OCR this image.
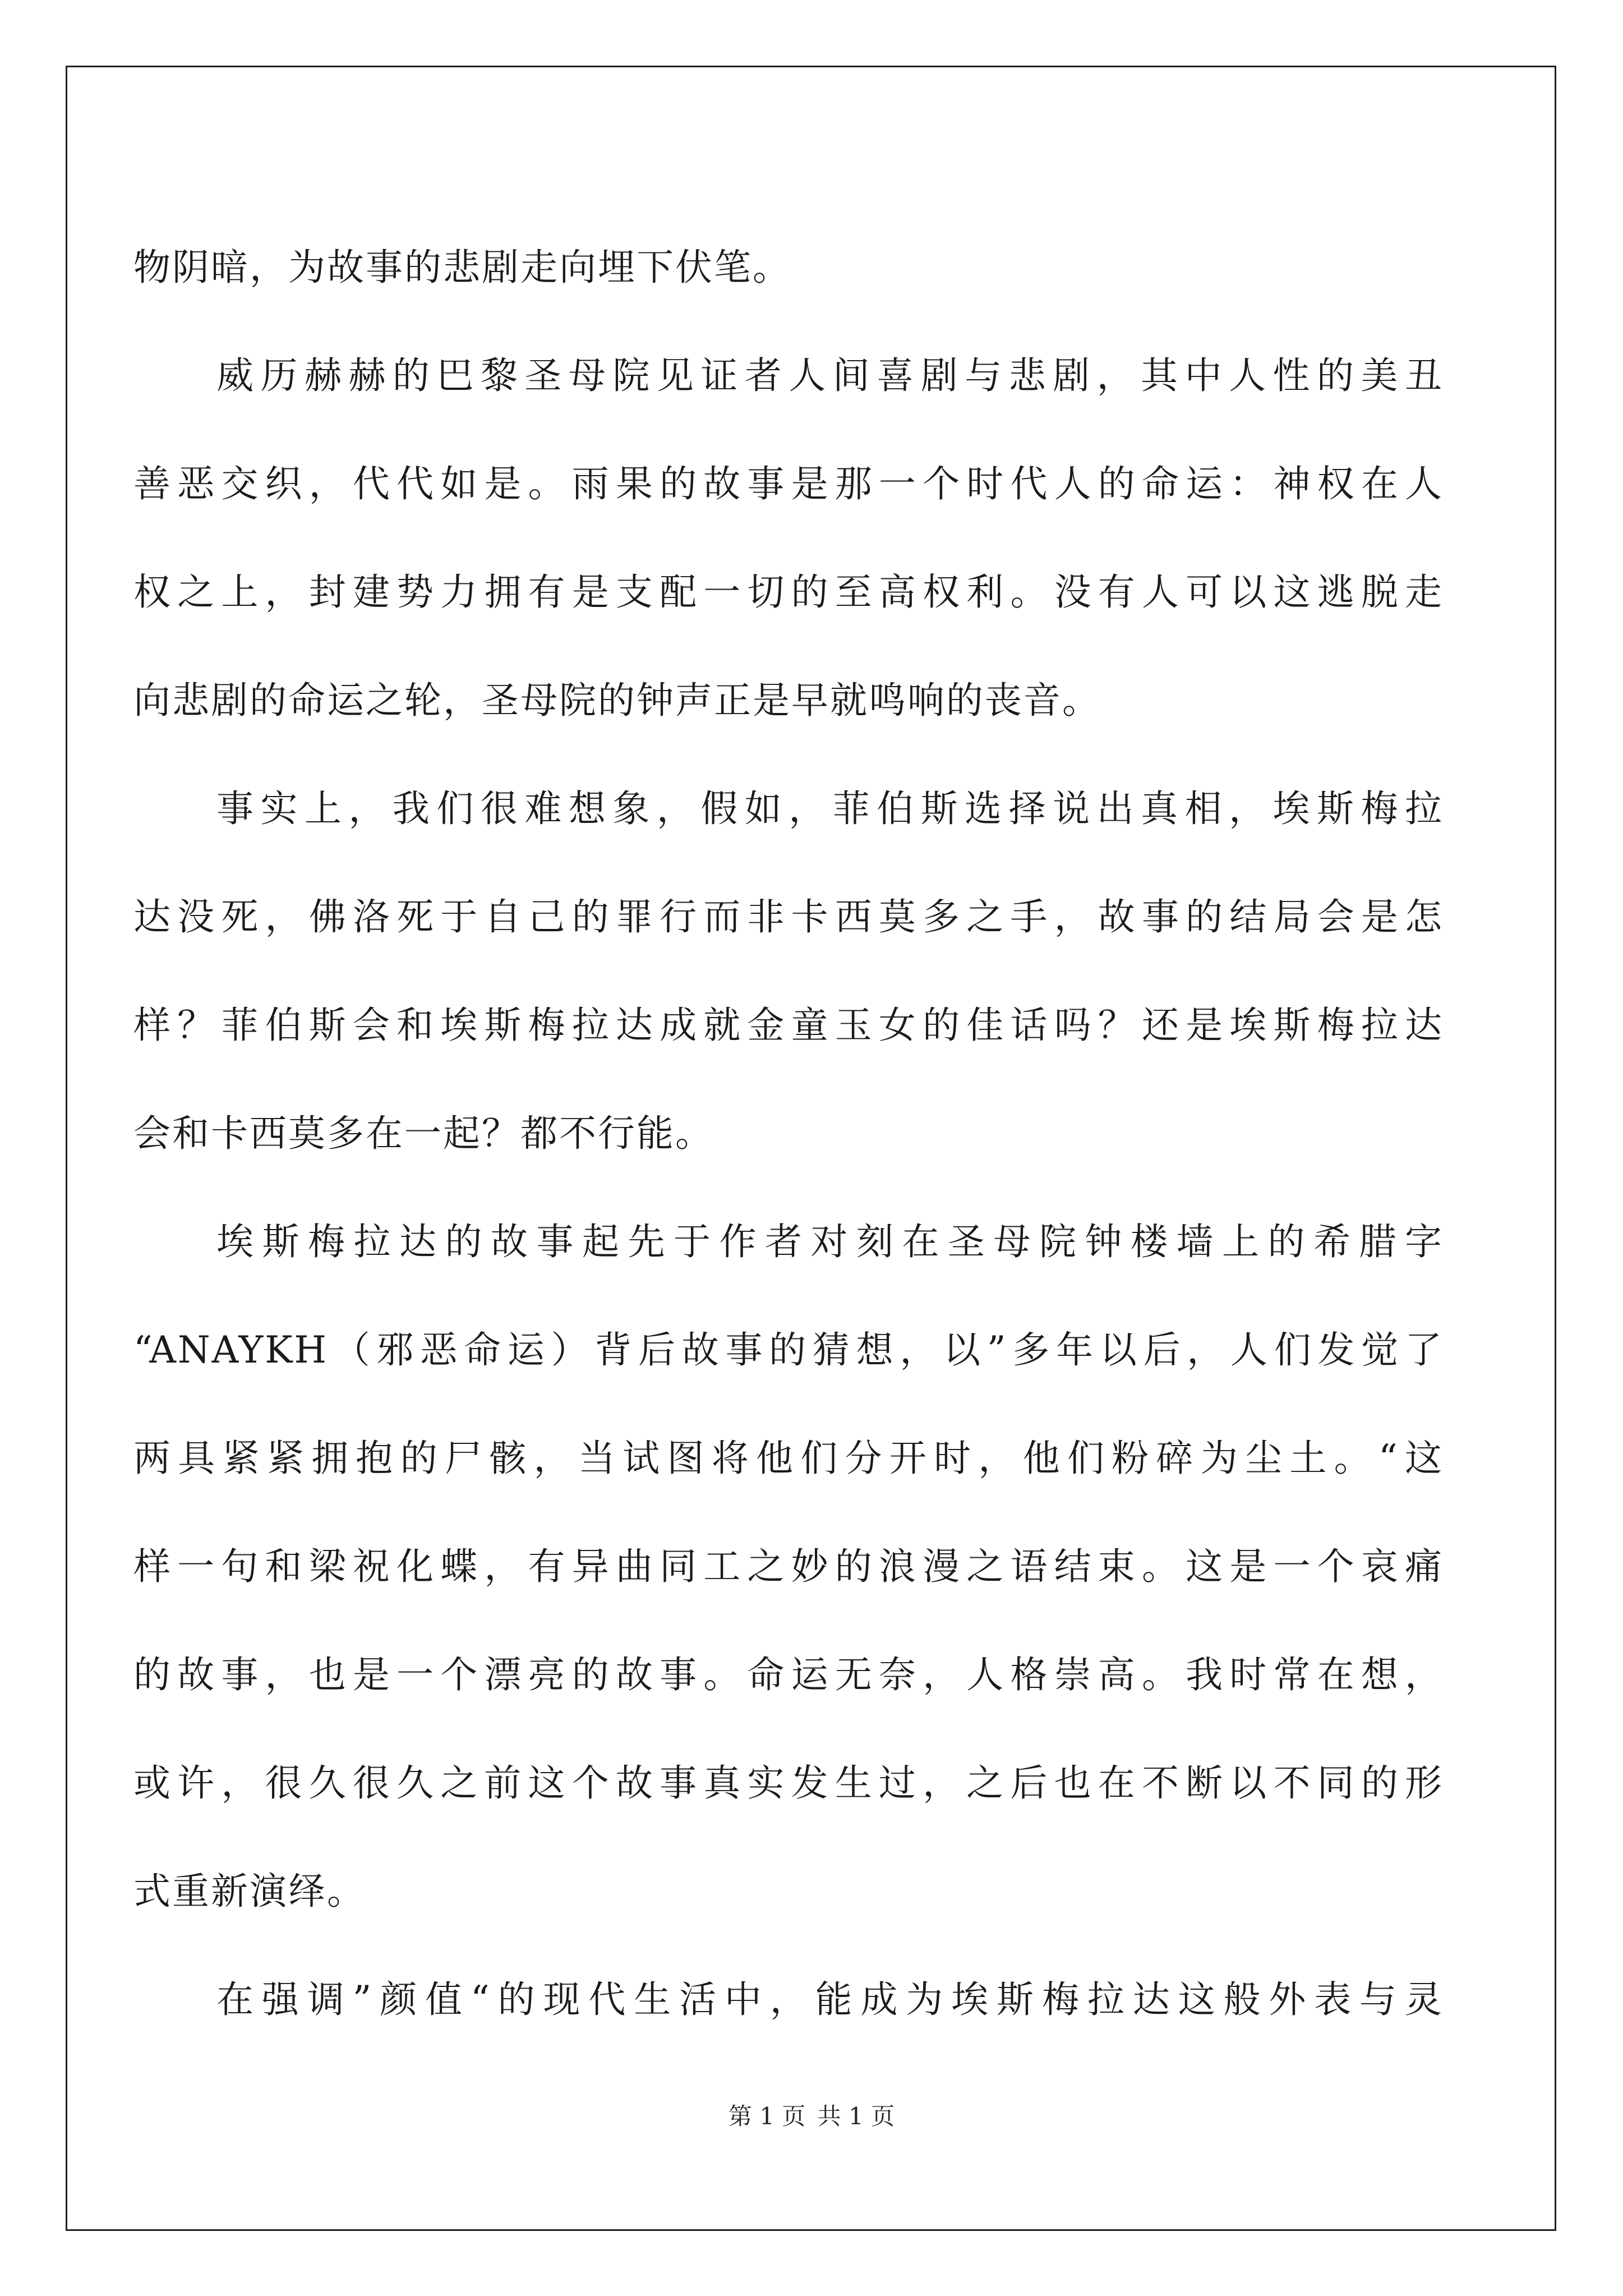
物阴暗，为故事的悲剧走向埋下伏笔。
威历赫赫的巴黎圣母院见证者人间喜剧与悲剧，其中人性的美丑
善恶交织，代代如是。雨果的故事是那一个时代人的命运：神权在人
权之上，封建势力拥有是支配一切的至高权利。没有人可以这逃脱走
向悲剧的命运之轮，圣母院的钟声正是早就鸣响的丧音。
事实上，我们很难想象，假如，菲伯斯选择说出真相，埃斯梅拉
达没死，佛洛死于自己的罪行而非卡西莫多之手，故事的结局会是怎
样？菲伯斯会和埃斯梅拉达成就金童玉女的佳话吗？还是埃斯梅拉达
会和卡西莫多在一起？都不行能。
埃斯梅拉达的故事起先于作者对刻在圣母院钟楼墙上的希腊字
“ANAYKH（邪恶命运）背后故事的猜想，以”多年以后，人们发觉了
两具紧紧拥抱的尸骸，当试图将他们分开时，他们粉碎为尘土。“这
样一句和梁祝化蝶，有异曲同工之妙的浪漫之语结束。这是一个哀痛
的故事，也是一个漂亮的故事。命运无奈，人格崇高。我时常在想，
或许，很久很久之前这个故事真实发生过，之后也在不断以不同的形
式重新演绎。
在强调”颜值“的现代生活中，能成为埃斯梅拉达这般外表与灵
第 1 页 共 1 页
